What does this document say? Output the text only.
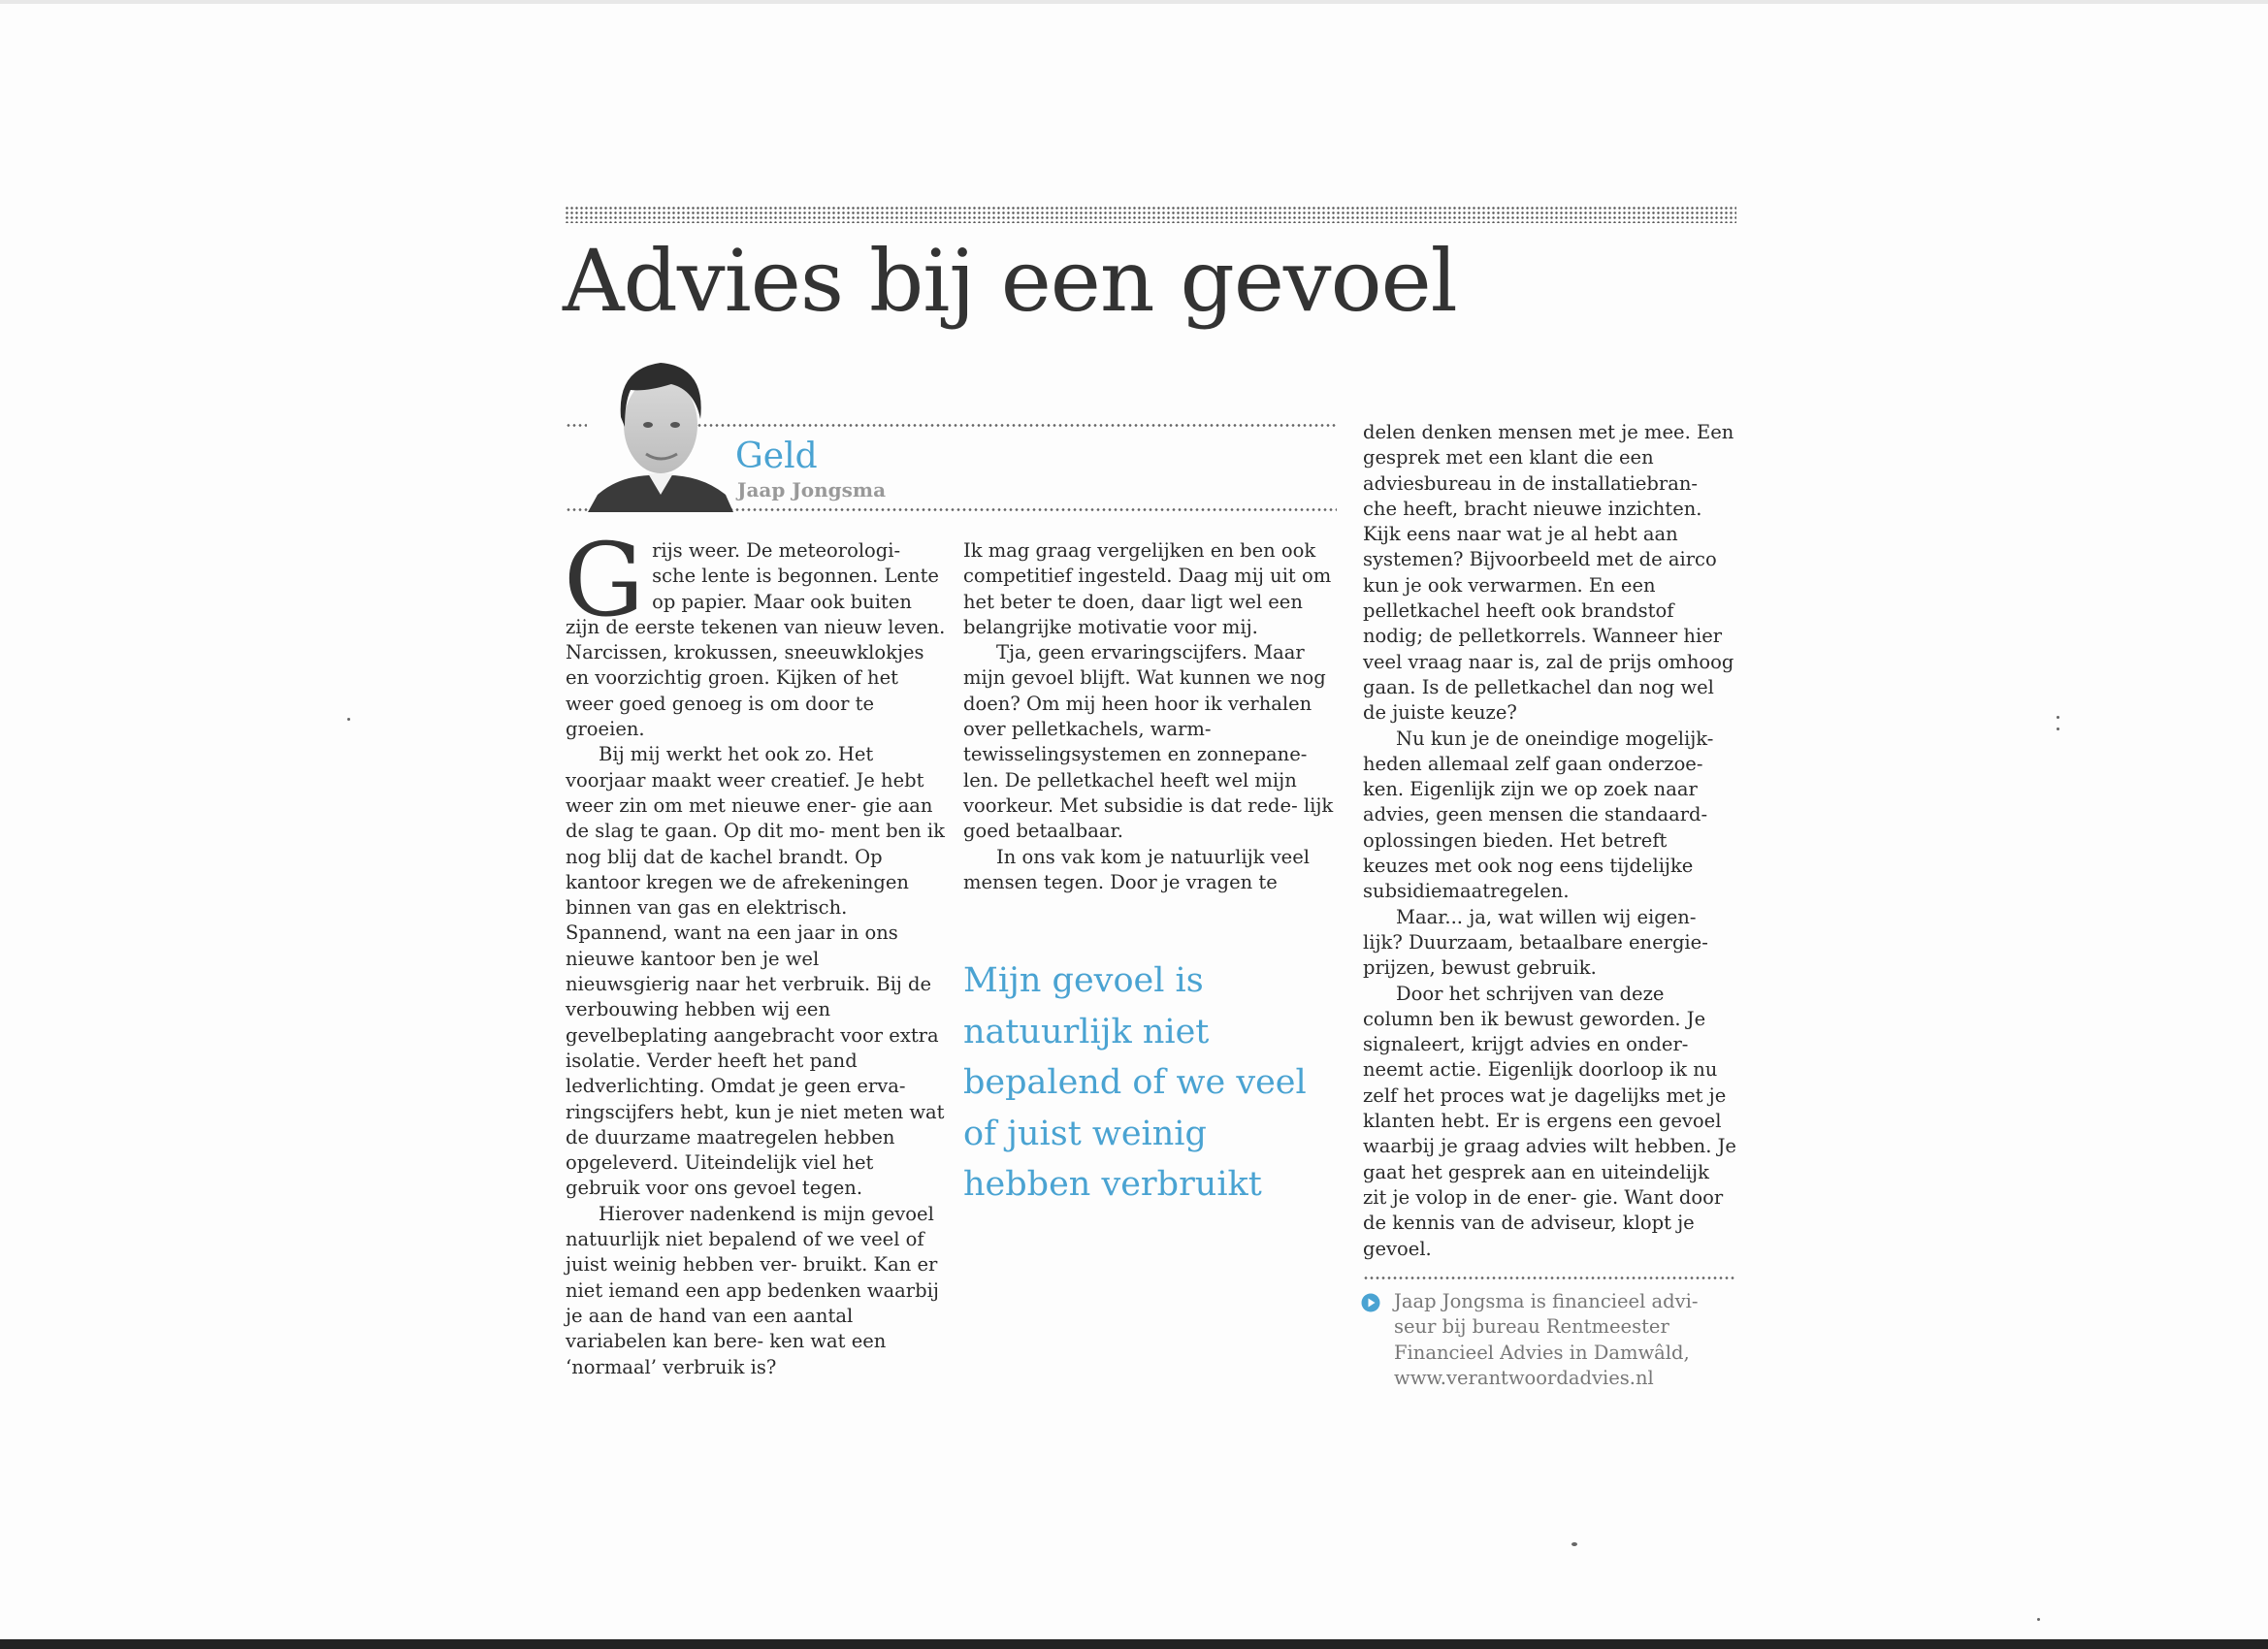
Advies bij een gevoel
Geld
Jaap Jongsma

Grijs weer. De meteorologi- sche lente is begonnen. Lente op papier. Maar ook buiten zijn de eerste tekenen van nieuw leven. Narcissen, krokussen, sneeuwklokjes en voorzichtig groen. Kijken of het weer goed genoeg is om door te groeien.

Bij mij werkt het ook zo. Het voorjaar maakt weer creatief. Je hebt weer zin om met nieuwe ener- gie aan de slag te gaan. Op dit mo- ment ben ik nog blij dat de kachel brandt. Op kantoor kregen we de afrekeningen binnen van gas en elektrisch. Spannend, want na een jaar in ons nieuwe kantoor ben je wel nieuwsgierig naar het verbruik. Bij de verbouwing hebben wij een gevelbeplating aangebracht voor extra isolatie. Verder heeft het pand ledverlichting. Omdat je geen erva- ringscijfers hebt, kun je niet meten wat de duurzame maatregelen hebben opgeleverd. Uiteindelijk viel het gebruik voor ons gevoel tegen.

Hierover nadenkend is mijn gevoel natuurlijk niet bepalend of we veel of juist weinig hebben ver- bruikt. Kan er niet iemand een app bedenken waarbij je aan de hand van een aantal variabelen kan bere- ken wat een ‘normaal’ verbruik is?

Ik mag graag vergelijken en ben ook competitief ingesteld. Daag mij uit om het beter te doen, daar ligt wel een belangrijke motivatie voor mij.

Tja, geen ervaringscijfers. Maar mijn gevoel blijft. Wat kunnen we nog doen? Om mij heen hoor ik verhalen over pelletkachels, warm- tewisselingsystemen en zonnepane- len. De pelletkachel heeft wel mijn voorkeur. Met subsidie is dat rede- lijk goed betaalbaar.

In ons vak kom je natuurlijk veel mensen tegen. Door je vragen te

Mijn gevoel is natuurlijk niet bepalend of we veel of juist weinig hebben verbruikt

delen denken mensen met je mee. Een gesprek met een klant die een adviesbureau in de installatiebran- che heeft, bracht nieuwe inzichten. Kijk eens naar wat je al hebt aan systemen? Bijvoorbeeld met de airco kun je ook verwarmen. En een pelletkachel heeft ook brandstof nodig; de pelletkorrels. Wanneer hier veel vraag naar is, zal de prijs omhoog gaan. Is de pelletkachel dan nog wel de juiste keuze?

Nu kun je de oneindige mogelijk- heden allemaal zelf gaan onderzoe- ken. Eigenlijk zijn we op zoek naar advies, geen mensen die standaard- oplossingen bieden. Het betreft keuzes met ook nog eens tijdelijke subsidiemaatregelen.

Maar... ja, wat willen wij eigen- lijk? Duurzaam, betaalbare energie- prijzen, bewust gebruik.

Door het schrijven van deze column ben ik bewust geworden. Je signaleert, krijgt advies en onder- neemt actie. Eigenlijk doorloop ik nu zelf het proces wat je dagelijks met je klanten hebt. Er is ergens een gevoel waarbij je graag advies wilt hebben. Je gaat het gesprek aan en uiteindelijk zit je volop in de ener- gie. Want door de kennis van de adviseur, klopt je gevoel.

Jaap Jongsma is financieel advi- seur bij bureau Rentmeester Financieel Advies in Damwâld, www.verantwoordadvies.nl
